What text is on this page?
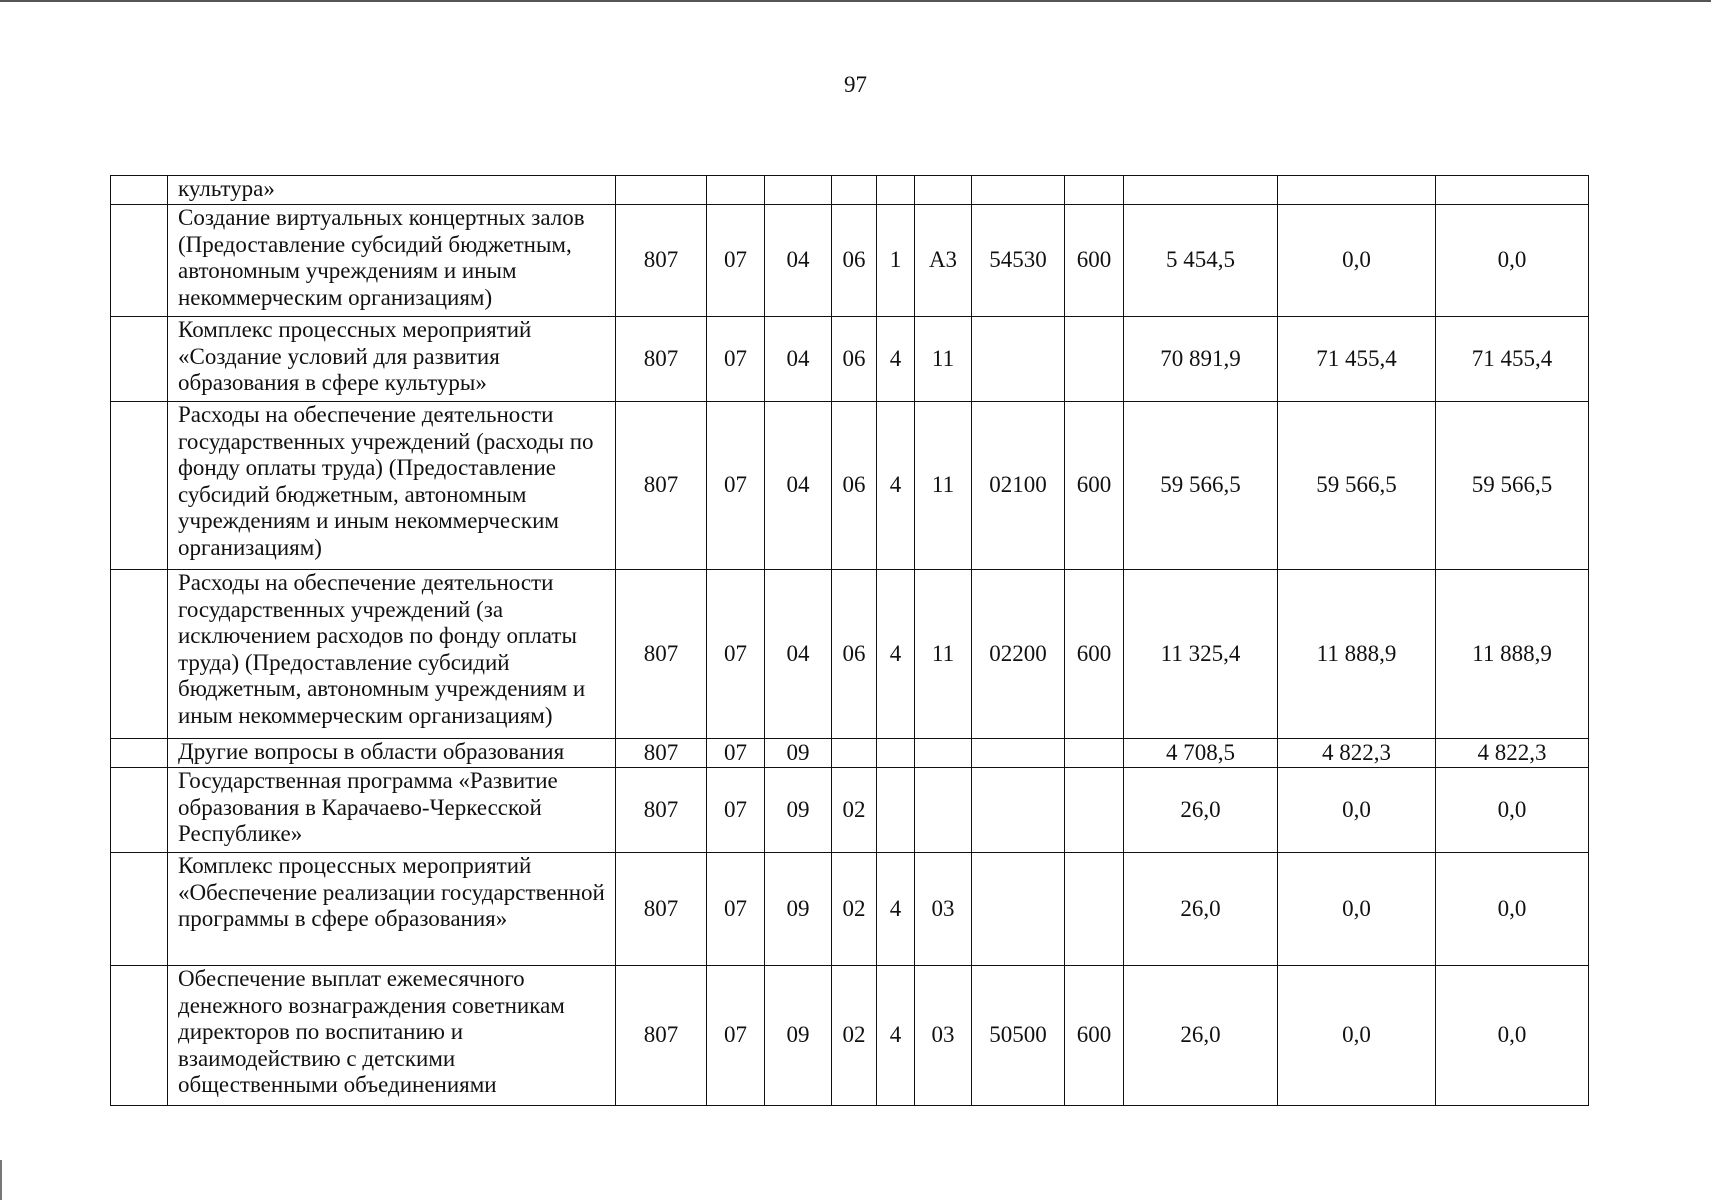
97
	культура»											
	Создание виртуальных концертных залов (Предоставление субсидий бюджетным, автономным учреждениям и иным некоммерческим организациям)	807	07	04	06	1	А3	54530	600	5 454,5	0,0	0,0
	Комплекс процессных мероприятий «Создание условий для развития образования в сфере культуры»	807	07	04	06	4	11			70 891,9	71 455,4	71 455,4
	Расходы на обеспечение деятельности государственных учреждений (расходы по фонду оплаты труда) (Предоставление субсидий бюджетным, автономным учреждениям и иным некоммерческим организациям)	807	07	04	06	4	11	02100	600	59 566,5	59 566,5	59 566,5
	Расходы на обеспечение деятельности государственных учреждений (за исключением расходов по фонду оплаты труда) (Предоставление субсидий бюджетным, автономным учреждениям и иным некоммерческим организациям)	807	07	04	06	4	11	02200	600	11 325,4	11 888,9	11 888,9
	Другие вопросы в области образования	807	07	09						4 708,5	4 822,3	4 822,3
	Государственная программа «Развитие образования в Карачаево-Черкесской Республике»	807	07	09	02					26,0	0,0	0,0
	Комплекс процессных мероприятий «Обеспечение реализации государственной программы в сфере образования»	807	07	09	02	4	03			26,0	0,0	0,0
	Обеспечение выплат ежемесячного денежного вознаграждения советникам директоров по воспитанию и взаимодействию с детскими общественными объединениями	807	07	09	02	4	03	50500	600	26,0	0,0	0,0
